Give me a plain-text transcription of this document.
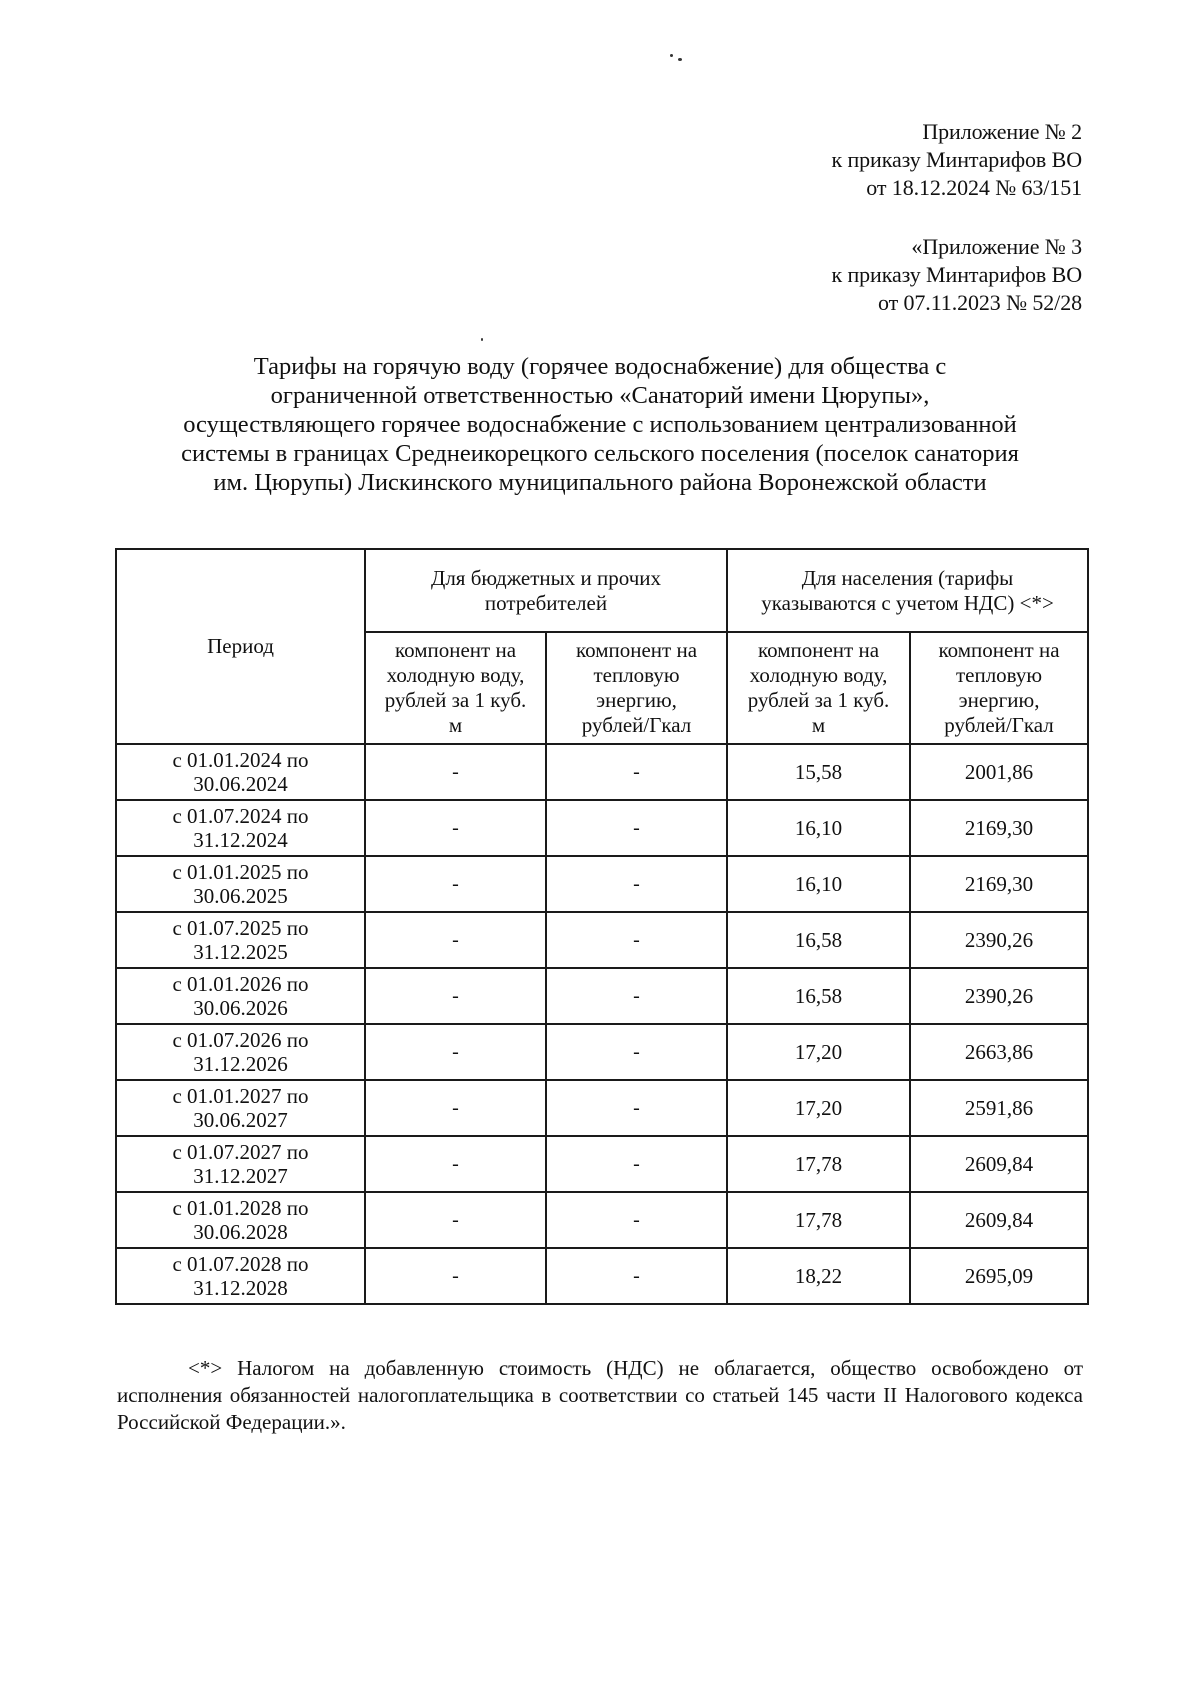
Приложение № 2
к приказу Минтарифов ВО
от 18.12.2024 № 63/151
«Приложение № 3
к приказу Минтарифов ВО
от 07.11.2023 № 52/28
Тарифы на горячую воду (горячее водоснабжение) для общества с
ограниченной ответственностью «Санаторий имени Цюрупы»,
осуществляющего горячее водоснабжение с использованием централизованной
системы в границах Среднеикорецкого сельского поселения (поселок санатория
им. Цюрупы) Лискинского муниципального района Воронежской области
Период	Для бюджетных и прочих потребителей		Для населения (тарифы указываются с учетом НДС) <*>	
	компонент на холодную воду, рублей за 1 куб. м	компонент на тепловую энергию, рублей/Гкал	компонент на холодную воду, рублей за 1 куб. м	компонент на тепловую энергию, рублей/Гкал

с 01.01.2024 по
30.06.2024	-	-	15,58	2001,86

с 01.07.2024 по
31.12.2024	-	-	16,10	2169,30

с 01.01.2025 по
30.06.2025	-	-	16,10	2169,30

с 01.07.2025 по
31.12.2025	-	-	16,58	2390,26

с 01.01.2026 по
30.06.2026	-	-	16,58	2390,26

с 01.07.2026 по
31.12.2026	-	-	17,20	2663,86

с 01.01.2027 по
30.06.2027	-	-	17,20	2591,86

с 01.07.2027 по
31.12.2027	-	-	17,78	2609,84

с 01.01.2028 по
30.06.2028	-	-	17,78	2609,84

с 01.07.2028 по
31.12.2028	-	-	18,22	2695,09

<*> Налогом на добавленную стоимость (НДС) не облагается, общество освобождено от исполнения обязанностей налогоплательщика в соответствии со статьей 145 части II Налогового кодекса Российской Федерации.».
